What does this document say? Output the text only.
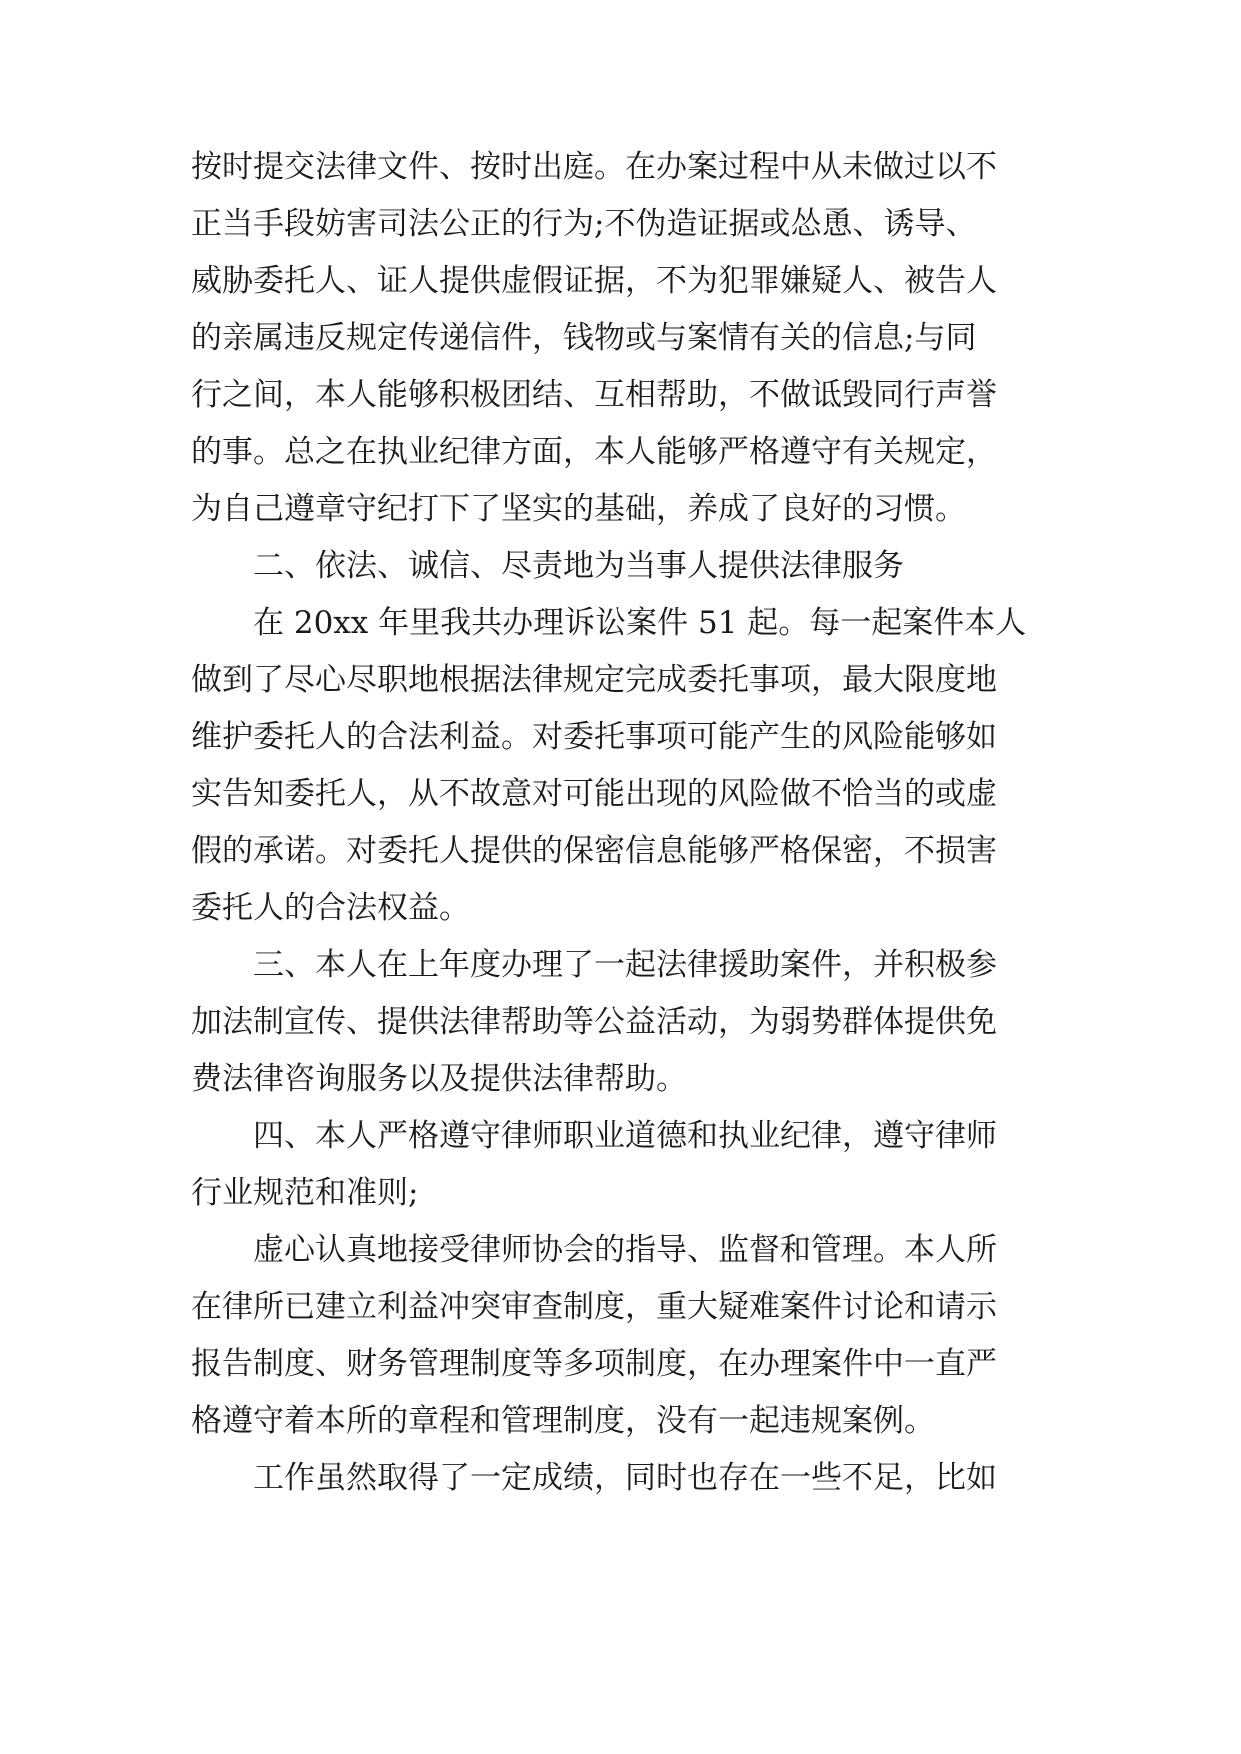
按时提交法律文件、按时出庭。在办案过程中从未做过以不
正当手段妨害司法公正的行为;不伪造证据或怂恿、诱导、
威胁委托人、证人提供虚假证据，不为犯罪嫌疑人、被告人
的亲属违反规定传递信件，钱物或与案情有关的信息;与同
行之间，本人能够积极团结、互相帮助，不做诋毁同行声誉
的事。总之在执业纪律方面，本人能够严格遵守有关规定，
为自己遵章守纪打下了坚实的基础，养成了良好的习惯。
二、依法、诚信、尽责地为当事人提供法律服务
在 20xx 年里我共办理诉讼案件 51 起。每一起案件本人
做到了尽心尽职地根据法律规定完成委托事项，最大限度地
维护委托人的合法利益。对委托事项可能产生的风险能够如
实告知委托人，从不故意对可能出现的风险做不恰当的或虚
假的承诺。对委托人提供的保密信息能够严格保密，不损害
委托人的合法权益。
三、本人在上年度办理了一起法律援助案件，并积极参
加法制宣传、提供法律帮助等公益活动，为弱势群体提供免
费法律咨询服务以及提供法律帮助。
四、本人严格遵守律师职业道德和执业纪律，遵守律师
行业规范和准则;
虚心认真地接受律师协会的指导、监督和管理。本人所
在律所已建立利益冲突审查制度，重大疑难案件讨论和请示
报告制度、财务管理制度等多项制度，在办理案件中一直严
格遵守着本所的章程和管理制度，没有一起违规案例。
工作虽然取得了一定成绩，同时也存在一些不足，比如
